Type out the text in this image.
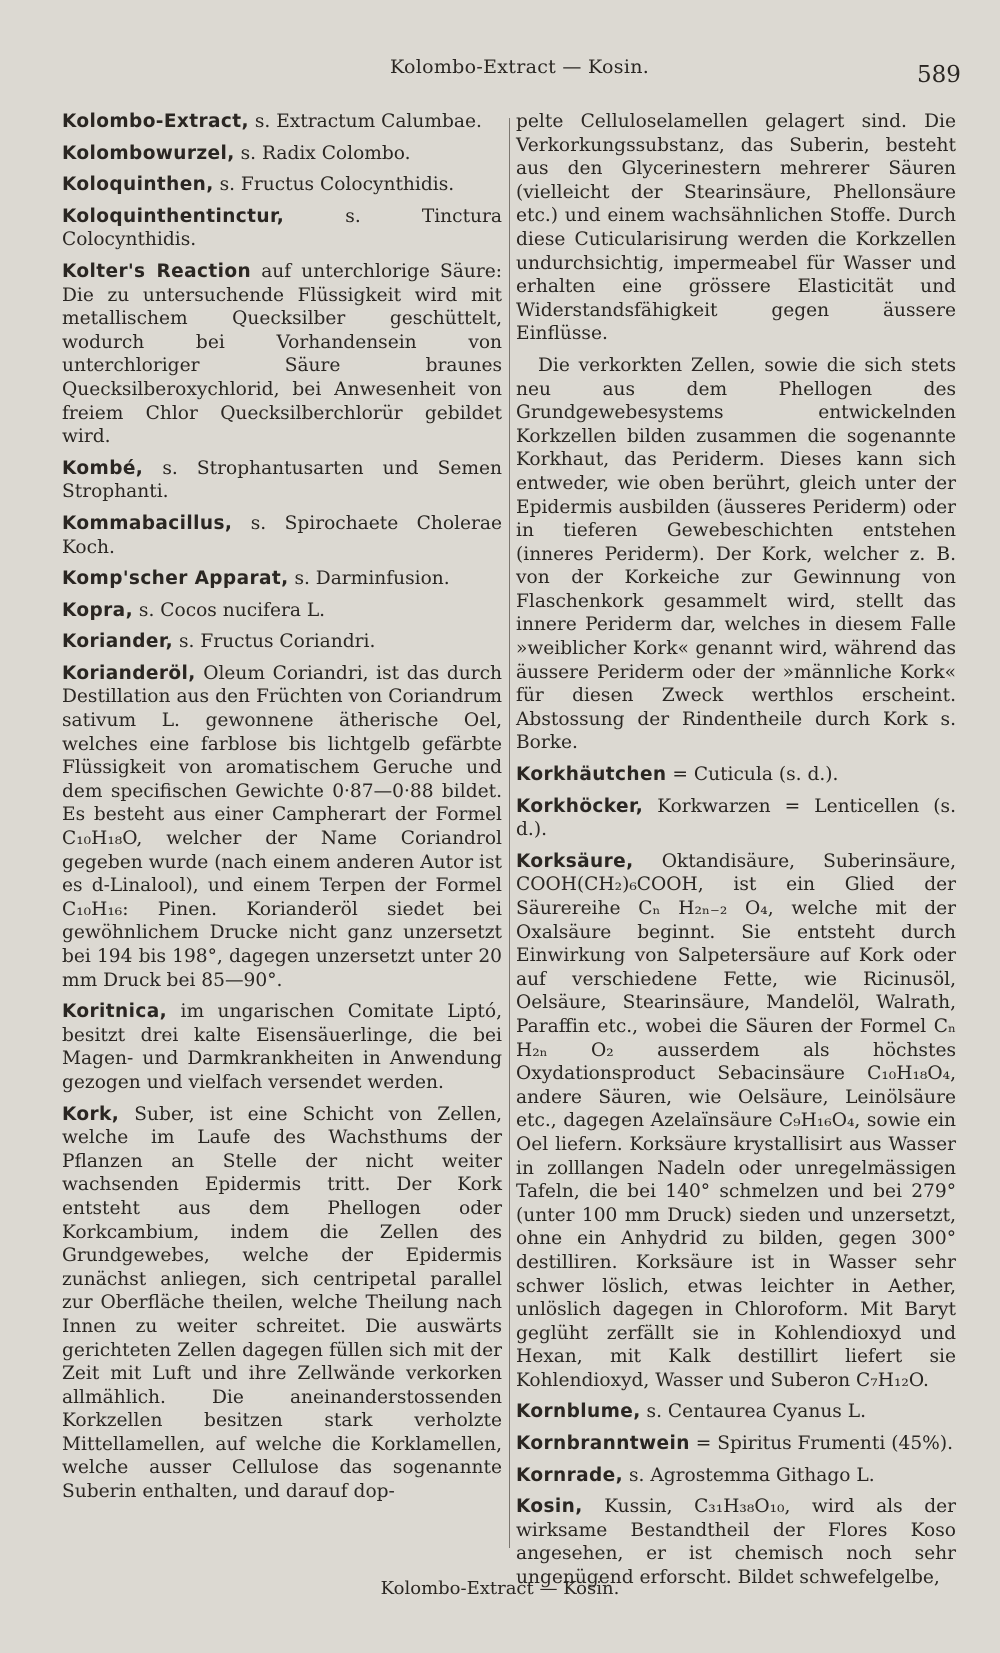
Kolombo-Extract — Kosin.	589

Kolombo-Extract, s. Extractum Calumbae.

Kolombowurzel, s. Radix Colombo.

Koloquinthen, s. Fructus Colocynthidis.

Koloquinthentinctur, s. Tinctura Colocynthidis.

Kolter's Reaction auf unterchlorige Säure: Die zu untersuchende Flüssigkeit wird mit metallischem Quecksilber geschüttelt, wodurch bei Vorhandensein von unterchloriger Säure braunes Quecksilberoxychlorid, bei Anwesenheit von freiem Chlor Quecksilberchlorür gebildet wird.

Kombé, s. Strophantusarten und Semen Strophanti.

Kommabacillus, s. Spirochaete Cholerae Koch.

Komp'scher Apparat, s. Darminfusion.

Kopra, s. Cocos nucifera L.

Koriander, s. Fructus Coriandri.

Korianderöl, Oleum Coriandri, ist das durch Destillation aus den Früchten von Coriandrum sativum L. gewonnene ätherische Oel, welches eine farblose bis lichtgelb gefärbte Flüssigkeit von aromatischem Geruche und dem specifischen Gewichte 0·87—0·88 bildet. Es besteht aus einer Campherart der Formel C₁₀H₁₈O, welcher der Name Coriandrol gegeben wurde (nach einem anderen Autor ist es d-Linalool), und einem Terpen der Formel C₁₀H₁₆: Pinen. Korianderöl siedet bei gewöhnlichem Drucke nicht ganz unzersetzt bei 194 bis 198°, dagegen unzersetzt unter 20 mm Druck bei 85—90°.

Koritnica, im ungarischen Comitate Liptó, besitzt drei kalte Eisensäuerlinge, die bei Magen- und Darmkrankheiten in Anwendung gezogen und vielfach versendet werden.

Kork, Suber, ist eine Schicht von Zellen, welche im Laufe des Wachsthums der Pflanzen an Stelle der nicht weiter wachsenden Epidermis tritt. Der Kork entsteht aus dem Phellogen oder Korkcambium, indem die Zellen des Grundgewebes, welche der Epidermis zunächst anliegen, sich centripetal parallel zur Oberfläche theilen, welche Theilung nach Innen zu weiter schreitet. Die auswärts gerichteten Zellen dagegen füllen sich mit der Zeit mit Luft und ihre Zellwände verkorken allmählich. Die aneinanderstossenden Korkzellen besitzen stark verholzte Mittellamellen, auf welche die Korklamellen, welche ausser Cellulose das sogenannte Suberin enthalten, und darauf dop-

pelte Celluloselamellen gelagert sind. Die Verkorkungssubstanz, das Suberin, besteht aus den Glycerinestern mehrerer Säuren (vielleicht der Stearinsäure, Phellonsäure etc.) und einem wachsähnlichen Stoffe. Durch diese Cuticularisirung werden die Korkzellen undurchsichtig, impermeabel für Wasser und erhalten eine grössere Elasticität und Widerstandsfähigkeit gegen äussere Einflüsse.

Die verkorkten Zellen, sowie die sich stets neu aus dem Phellogen des Grundgewebesystems entwickelnden Korkzellen bilden zusammen die sogenannte Korkhaut, das Periderm. Dieses kann sich entweder, wie oben berührt, gleich unter der Epidermis ausbilden (äusseres Periderm) oder in tieferen Gewebeschichten entstehen (inneres Periderm). Der Kork, welcher z. B. von der Korkeiche zur Gewinnung von Flaschenkork gesammelt wird, stellt das innere Periderm dar, welches in diesem Falle »weiblicher Kork« genannt wird, während das äussere Periderm oder der »männliche Kork« für diesen Zweck werthlos erscheint. Abstossung der Rindentheile durch Kork s. Borke.

Korkhäutchen = Cuticula (s. d.).

Korkhöcker, Korkwarzen = Lenticellen (s. d.).

Korksäure, Oktandisäure, Suberinsäure, COOH(CH₂)₆COOH, ist ein Glied der Säurereihe Cₙ H₂ₙ₋₂ O₄, welche mit der Oxalsäure beginnt. Sie entsteht durch Einwirkung von Salpetersäure auf Kork oder auf verschiedene Fette, wie Ricinusöl, Oelsäure, Stearinsäure, Mandelöl, Walrath, Paraffin etc., wobei die Säuren der Formel Cₙ H₂ₙ O₂ ausserdem als höchstes Oxydationsproduct Sebacinsäure C₁₀H₁₈O₄, andere Säuren, wie Oelsäure, Leinölsäure etc., dagegen Azelaïnsäure C₉H₁₆O₄, sowie ein Oel liefern. Korksäure krystallisirt aus Wasser in zolllangen Nadeln oder unregelmässigen Tafeln, die bei 140° schmelzen und bei 279° (unter 100 mm Druck) sieden und unzersetzt, ohne ein Anhydrid zu bilden, gegen 300° destilliren. Korksäure ist in Wasser sehr schwer löslich, etwas leichter in Aether, unlöslich dagegen in Chloroform. Mit Baryt geglüht zerfällt sie in Kohlendioxyd und Hexan, mit Kalk destillirt liefert sie Kohlendioxyd, Wasser und Suberon C₇H₁₂O.

Kornblume, s. Centaurea Cyanus L.

Kornbranntwein = Spiritus Frumenti (45%).

Kornrade, s. Agrostemma Githago L.

Kosin, Kussin, C₃₁H₃₈O₁₀, wird als der wirksame Bestandtheil der Flores Koso angesehen, er ist chemisch noch sehr ungenügend erforscht. Bildet schwefelgelbe,

Kolombo-Extract — Kosin.
